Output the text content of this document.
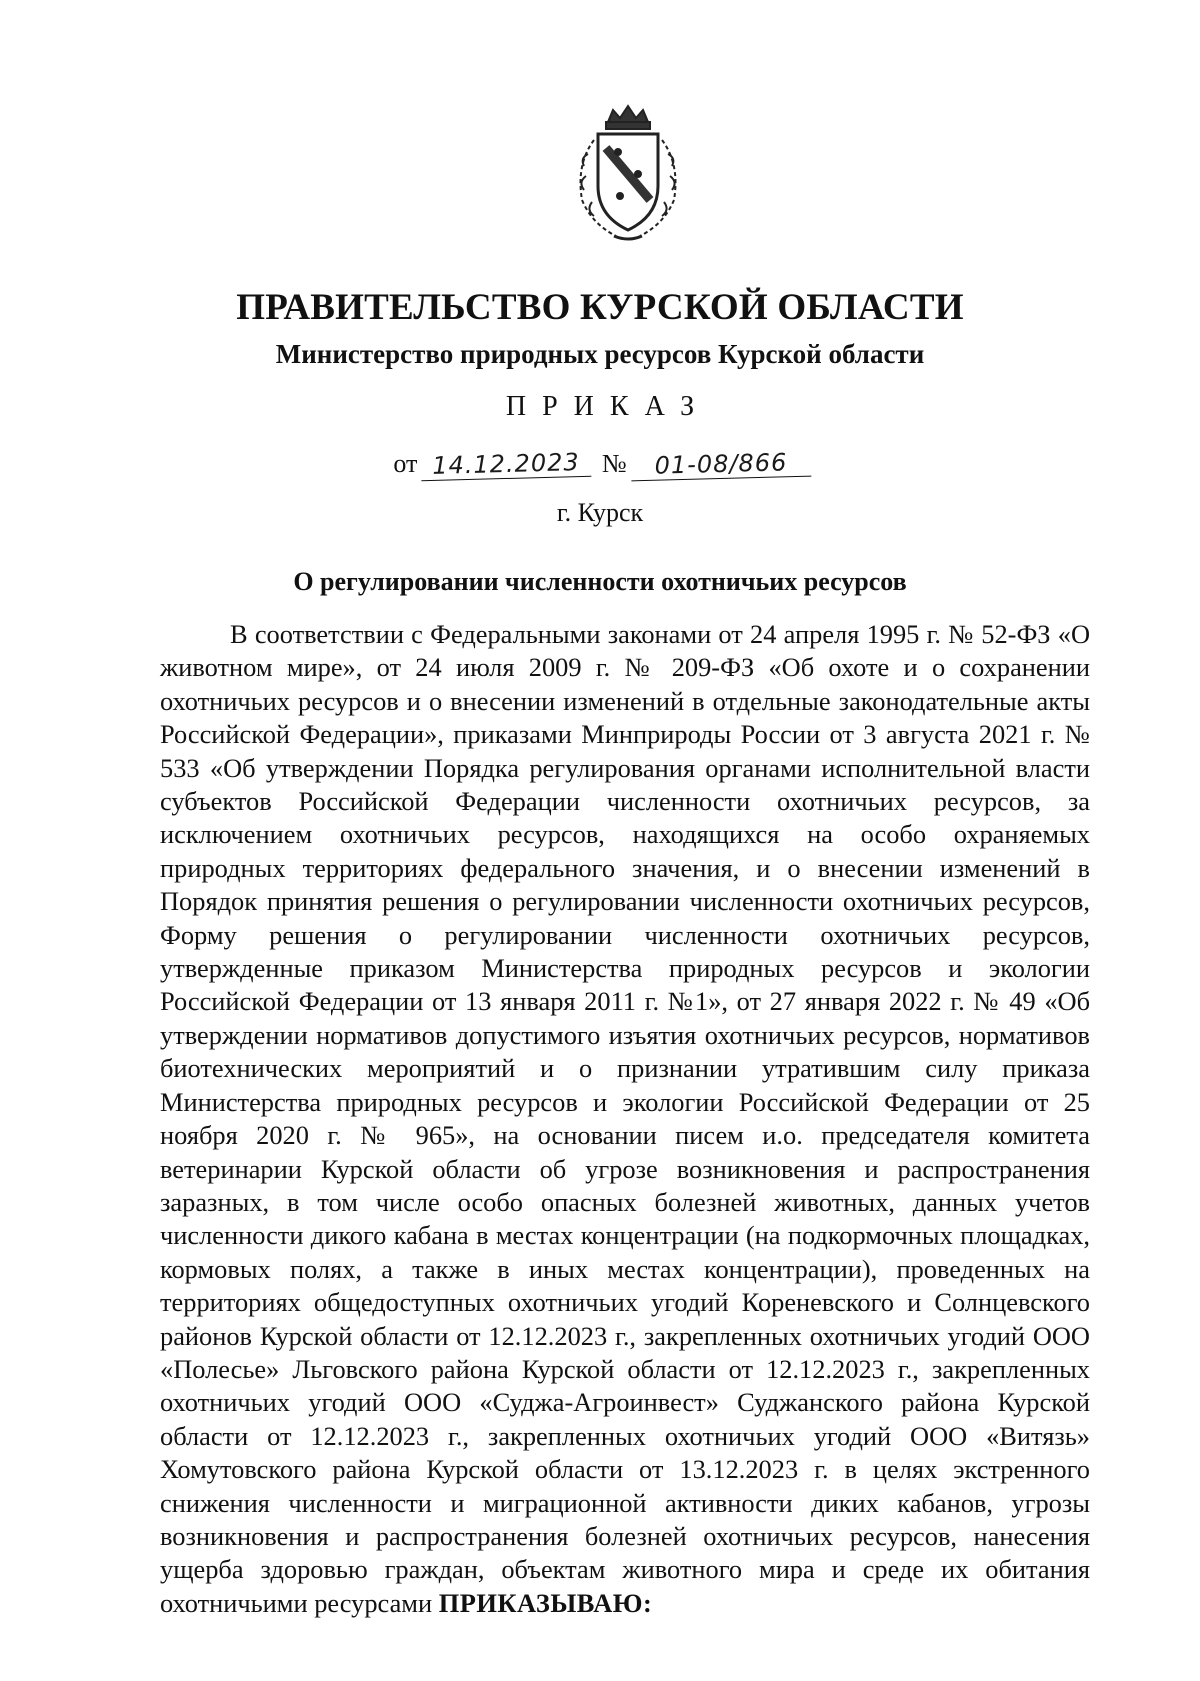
ПРАВИТЕЛЬСТВО КУРСКОЙ ОБЛАСТИ
Министерство природных ресурсов Курской области
ПРИКАЗ
от 14.12.2023 № 01-08/866
г. Курск
О регулировании численности охотничьих ресурсов

В соответствии с Федеральными законами от 24 апреля 1995 г. № 52-ФЗ «О животном мире», от 24 июля 2009 г. № 209-ФЗ «Об охоте и о сохранении охотничьих ресурсов и о внесении изменений в отдельные законодательные акты Российской Федерации», приказами Минприроды России от 3 августа 2021 г. № 533 «Об утверждении Порядка регулирования органами исполнительной власти субъектов Российской Федерации численности охотничьих ресурсов, за исключением охотничьих ресурсов, находящихся на особо охраняемых природных территориях федерального значения, и о внесении изменений в Порядок принятия решения о регулировании численности охотничьих ресурсов, Форму решения о регулировании численности охотничьих ресурсов, утвержденные приказом Министерства природных ресурсов и экологии Российской Федерации от 13 января 2011 г. №1», от 27 января 2022 г. № 49 «Об утверждении нормативов допустимого изъятия охотничьих ресурсов, нормативов биотехнических мероприятий и о признании утратившим силу приказа Министерства природных ресурсов и экологии Российской Федерации от 25 ноября 2020 г. № 965», на основании писем и.о. председателя комитета ветеринарии Курской области об угрозе возникновения и распространения заразных, в том числе особо опасных болезней животных, данных учетов численности дикого кабана в местах концентрации (на подкормочных площадках, кормовых полях, а также в иных местах концентрации), проведенных на территориях общедоступных охотничьих угодий Кореневского и Солнцевского районов Курской области от 12.12.2023 г., закрепленных охотничьих угодий ООО «Полесье» Льговского района Курской области от 12.12.2023 г., закрепленных охотничьих угодий ООО «Суджа-Агроинвест» Суджанского района Курской области от 12.12.2023 г., закрепленных охотничьих угодий ООО «Витязь» Хомутовского района Курской области от 13.12.2023 г. в целях экстренного снижения численности и миграционной активности диких кабанов, угрозы возникновения и распространения болезней охотничьих ресурсов, нанесения ущерба здоровью граждан, объектам животного мира и среде их обитания охотничьими ресурсами ПРИКАЗЫВАЮ:
